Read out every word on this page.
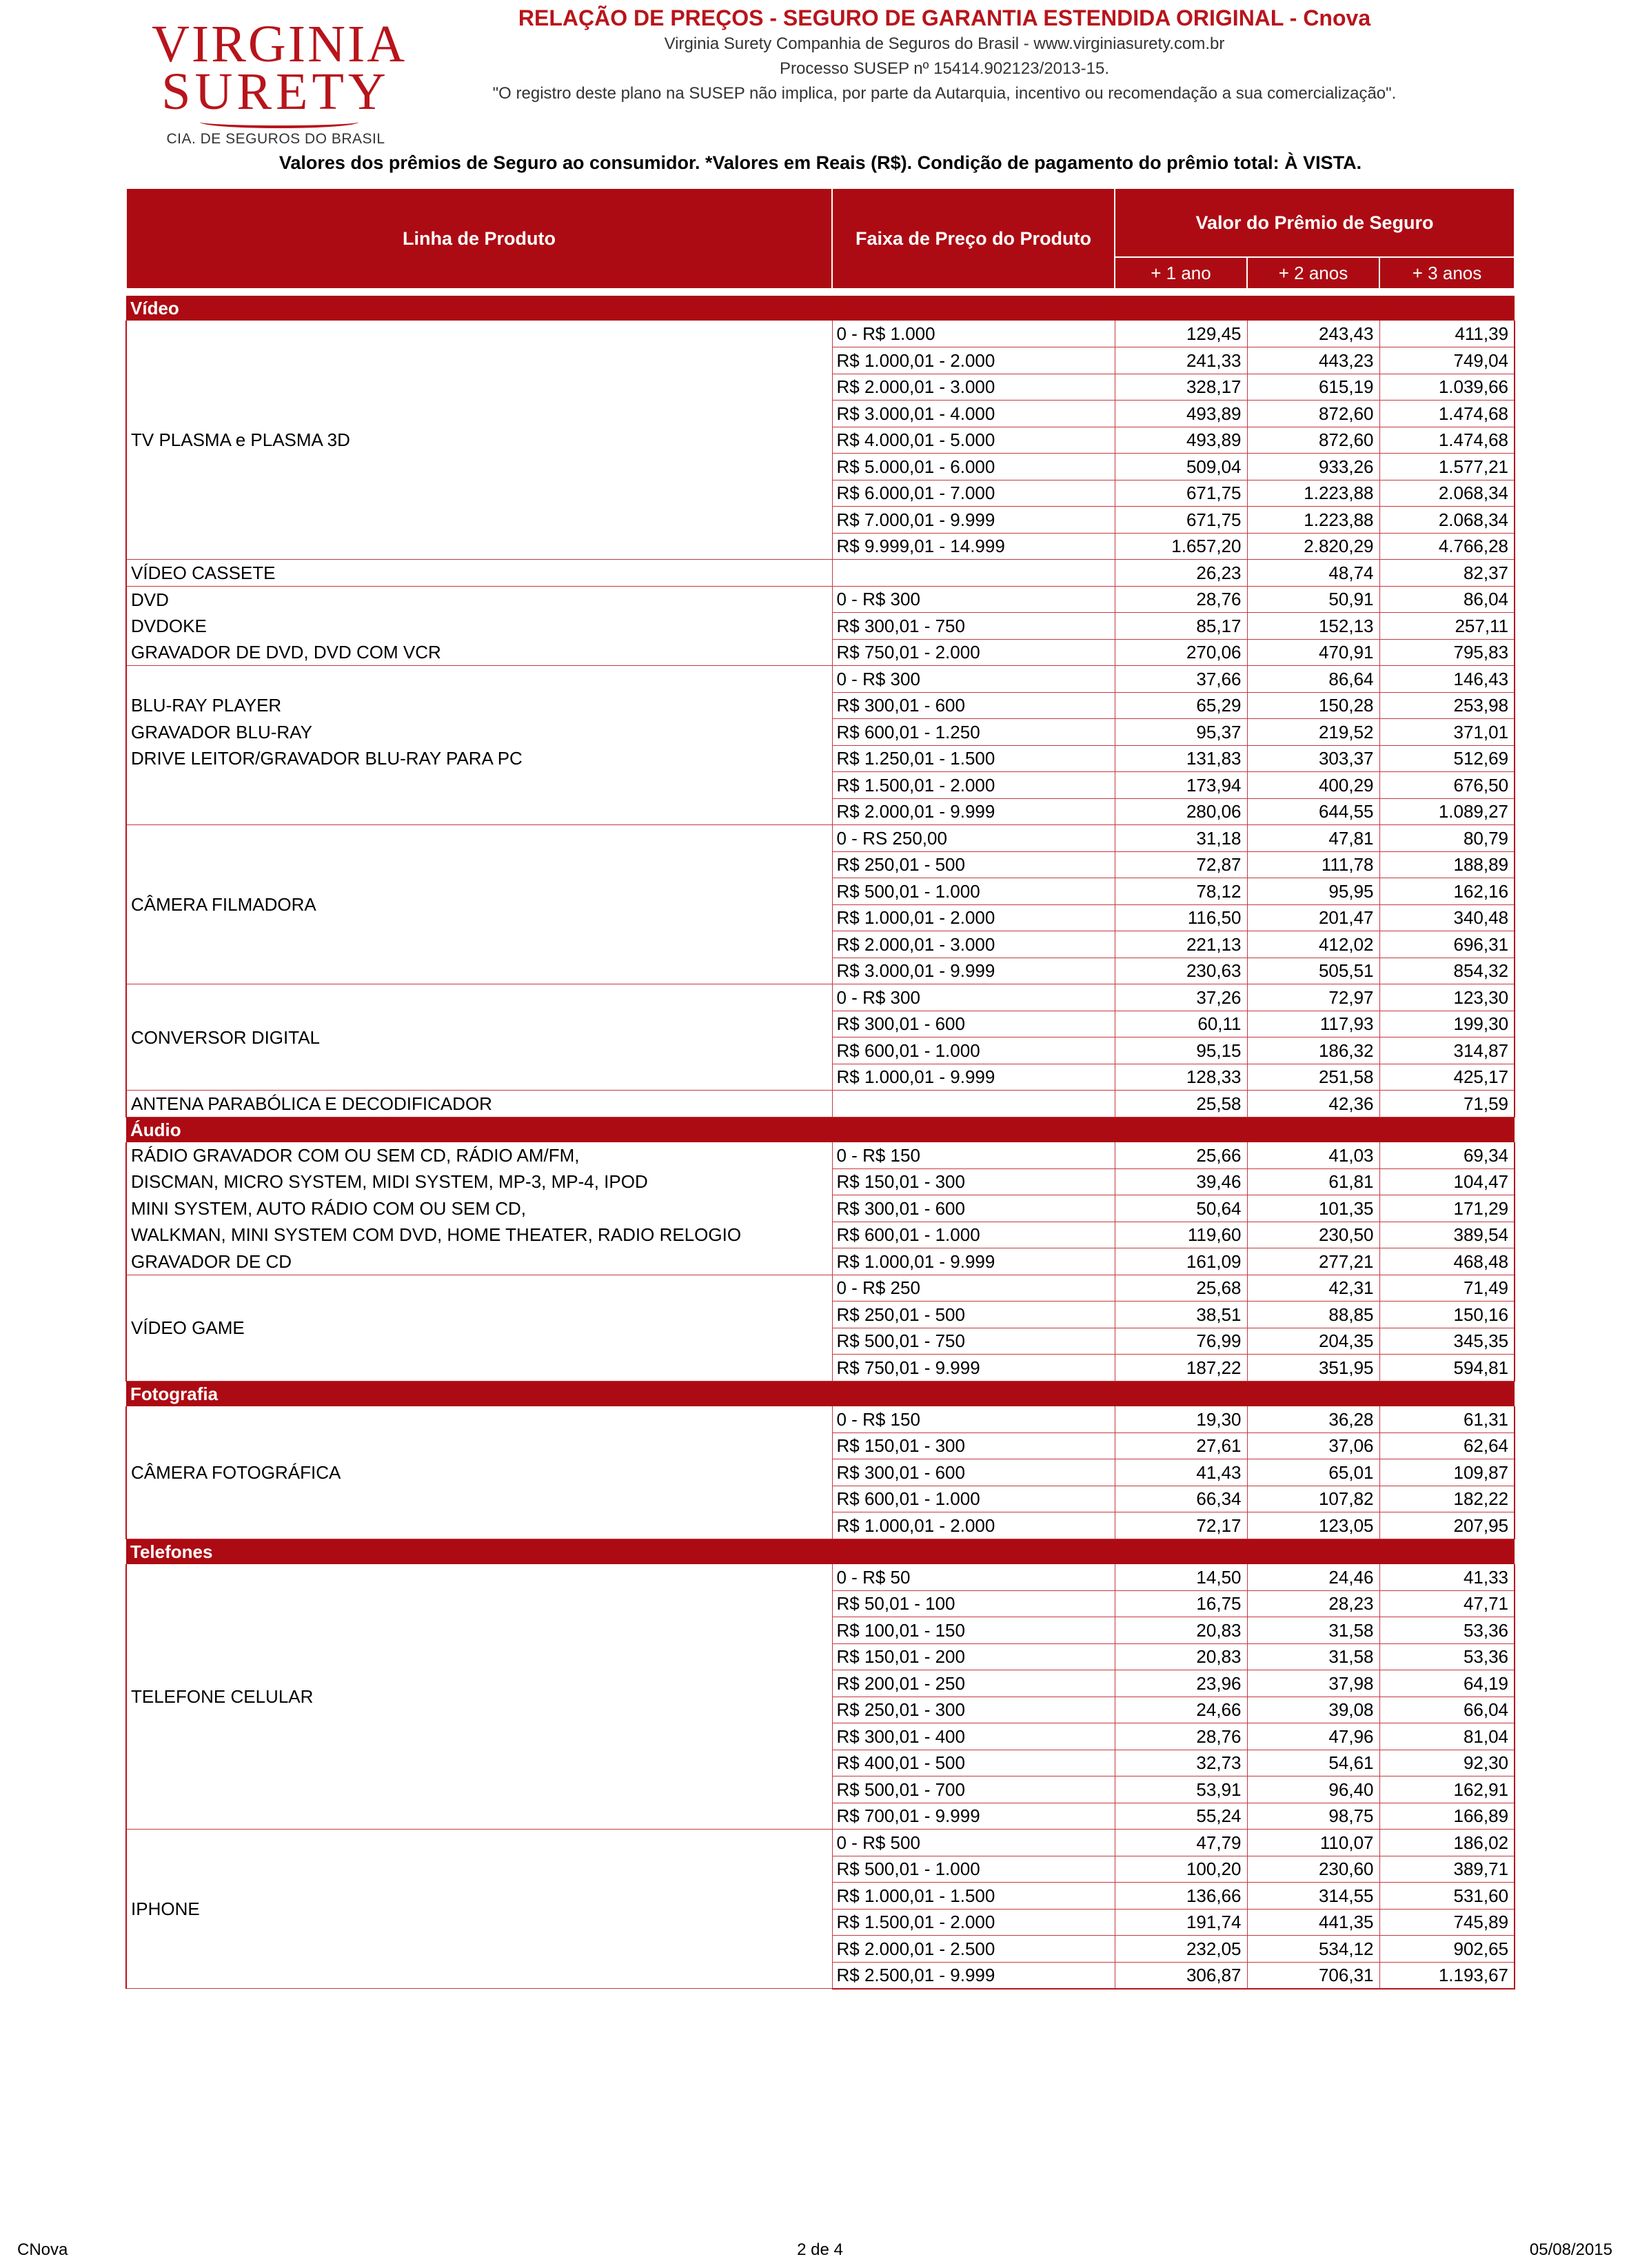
VIRGINIA
SURETY
CIA. DE SEGUROS DO BRASIL
RELAÇÃO DE PREÇOS - SEGURO DE GARANTIA ESTENDIDA ORIGINAL - Cnova
Virginia Surety Companhia de Seguros do Brasil - www.virginiasurety.com.br
Processo SUSEP nº 15414.902123/2013-15.
"O registro deste plano na SUSEP não implica, por parte da Autarquia, incentivo ou recomendação a sua comercialização".
Valores dos prêmios de Seguro ao consumidor. *Valores em Reais (R$). Condição de pagamento do prêmio total: À VISTA.
Linha de Produto	Faixa de Preço do Produto	Valor do Prêmio de Seguro		
		+ 1 ano	+ 2 anos	+ 3 anos

Vídeo				

TV PLASMA e PLASMA 3D	0 - R$ 1.000	129,45	243,43	411,39
	R$ 1.000,01 - 2.000	241,33	443,23	749,04
	R$ 2.000,01 - 3.000	328,17	615,19	1.039,66
	R$ 3.000,01 - 4.000	493,89	872,60	1.474,68
	R$ 4.000,01 - 5.000	493,89	872,60	1.474,68
	R$ 5.000,01 - 6.000	509,04	933,26	1.577,21
	R$ 6.000,01 - 7.000	671,75	1.223,88	2.068,34
	R$ 7.000,01 - 9.999	671,75	1.223,88	2.068,34
	R$ 9.999,01 - 14.999	1.657,20	2.820,29	4.766,28
VÍDEO CASSETE		26,23	48,74	82,37
DVD	0 - R$ 300	28,76	50,91	86,04
DVDOKE	R$ 300,01 - 750	85,17	152,13	257,11
GRAVADOR DE DVD, DVD COM VCR	R$ 750,01 - 2.000	270,06	470,91	795,83
	0 - R$ 300	37,66	86,64	146,43
BLU-RAY PLAYER	R$ 300,01 - 600	65,29	150,28	253,98
GRAVADOR BLU-RAY	R$ 600,01 - 1.250	95,37	219,52	371,01
DRIVE LEITOR/GRAVADOR BLU-RAY PARA PC	R$ 1.250,01 - 1.500	131,83	303,37	512,69
	R$ 1.500,01 - 2.000	173,94	400,29	676,50
	R$ 2.000,01 - 9.999	280,06	644,55	1.089,27

CÂMERA FILMADORA	0 - RS 250,00	31,18	47,81	80,79
	R$ 250,01 - 500	72,87	111,78	188,89
	R$ 500,01 - 1.000	78,12	95,95	162,16
	R$ 1.000,01 - 2.000	116,50	201,47	340,48
	R$ 2.000,01 - 3.000	221,13	412,02	696,31
	R$ 3.000,01 - 9.999	230,63	505,51	854,32

CONVERSOR DIGITAL	0 - R$ 300	37,26	72,97	123,30
	R$ 300,01 - 600	60,11	117,93	199,30
	R$ 600,01 - 1.000	95,15	186,32	314,87
	R$ 1.000,01 - 9.999	128,33	251,58	425,17
ANTENA PARABÓLICA E DECODIFICADOR		25,58	42,36	71,59
Áudio				
RÁDIO GRAVADOR COM OU SEM CD, RÁDIO AM/FM,	0 - R$ 150	25,66	41,03	69,34
DISCMAN, MICRO SYSTEM, MIDI SYSTEM, MP-3, MP-4, IPOD	R$ 150,01 - 300	39,46	61,81	104,47
MINI SYSTEM, AUTO RÁDIO COM OU SEM CD,	R$ 300,01 - 600	50,64	101,35	171,29
WALKMAN, MINI SYSTEM COM DVD, HOME THEATER, RADIO RELOGIO	R$ 600,01 - 1.000	119,60	230,50	389,54
GRAVADOR DE CD	R$ 1.000,01 - 9.999	161,09	277,21	468,48

VÍDEO GAME	0 - R$ 250	25,68	42,31	71,49
	R$ 250,01 - 500	38,51	88,85	150,16
	R$ 500,01 - 750	76,99	204,35	345,35
	R$ 750,01 - 9.999	187,22	351,95	594,81
Fotografia				

CÂMERA FOTOGRÁFICA	0 - R$ 150	19,30	36,28	61,31
	R$ 150,01 - 300	27,61	37,06	62,64
	R$ 300,01 - 600	41,43	65,01	109,87
	R$ 600,01 - 1.000	66,34	107,82	182,22
	R$ 1.000,01 - 2.000	72,17	123,05	207,95
Telefones				

TELEFONE CELULAR	0 - R$ 50	14,50	24,46	41,33
	R$ 50,01 - 100	16,75	28,23	47,71
	R$ 100,01 - 150	20,83	31,58	53,36
	R$ 150,01 - 200	20,83	31,58	53,36
	R$ 200,01 - 250	23,96	37,98	64,19
	R$ 250,01 - 300	24,66	39,08	66,04
	R$ 300,01 - 400	28,76	47,96	81,04
	R$ 400,01 - 500	32,73	54,61	92,30
	R$ 500,01 - 700	53,91	96,40	162,91
	R$ 700,01 - 9.999	55,24	98,75	166,89

IPHONE	0 - R$ 500	47,79	110,07	186,02
	R$ 500,01 - 1.000	100,20	230,60	389,71
	R$ 1.000,01 - 1.500	136,66	314,55	531,60
	R$ 1.500,01 - 2.000	191,74	441,35	745,89
	R$ 2.000,01 - 2.500	232,05	534,12	902,65
	R$ 2.500,01 - 9.999	306,87	706,31	1.193,67
CNova	2 de 4	05/08/2015
